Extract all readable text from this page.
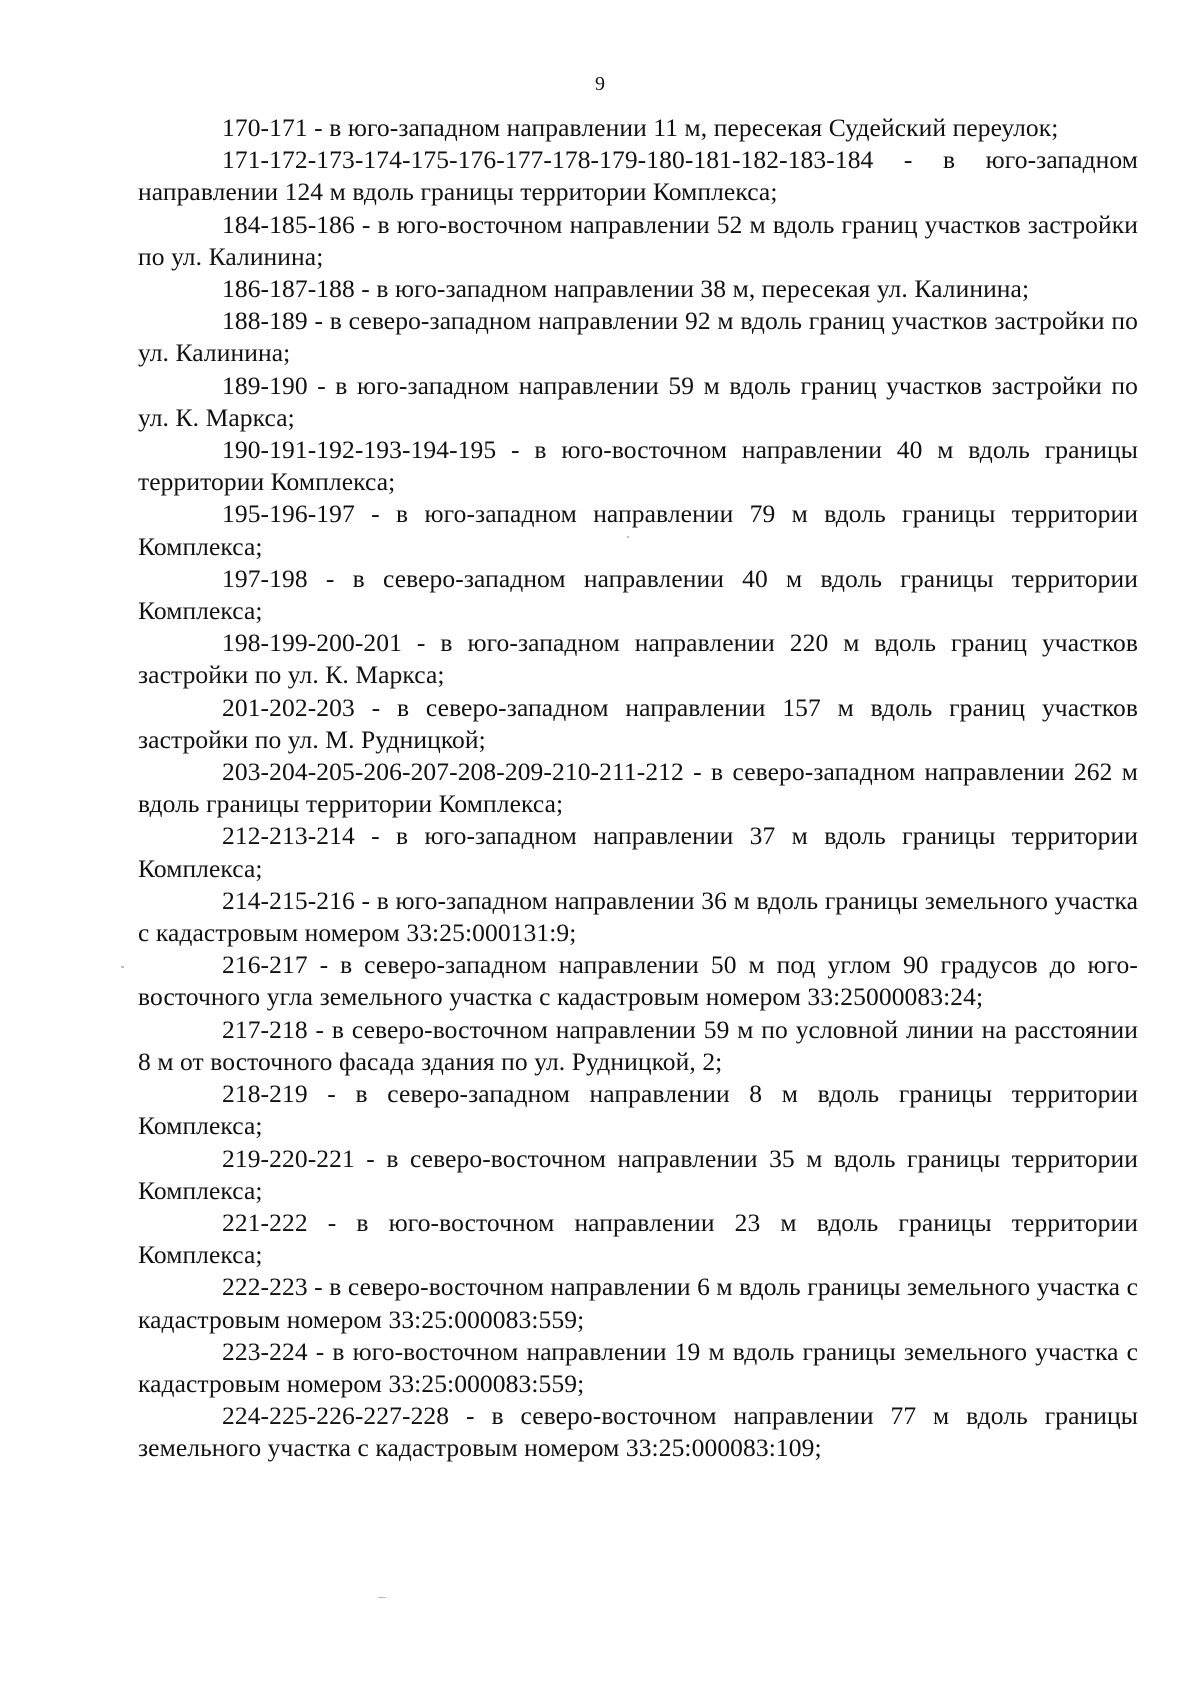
9

170-171 - в юго-западном направлении 11 м, пересекая Судейский переулок;

171-172-173-174-175-176-177-178-179-180-181-182-183-184 - в юго-западном направлении 124 м вдоль границы территории Комплекса;

184-185-186 - в юго-восточном направлении 52 м вдоль границ участков застройки по ул. Калинина;

186-187-188 - в юго-западном направлении 38 м, пересекая ул. Калинина;

188-189 - в северо-западном направлении 92 м вдоль границ участков застройки по ул. Калинина;

189-190 - в юго-западном направлении 59 м вдоль границ участков застройки по ул. К. Маркса;

190-191-192-193-194-195 - в юго-восточном направлении 40 м вдоль границы территории Комплекса;

195-196-197 - в юго-западном направлении 79 м вдоль границы территории Комплекса;

197-198 - в северо-западном направлении 40 м вдоль границы территории Комплекса;

198-199-200-201 - в юго-западном направлении 220 м вдоль границ участков застройки по ул. К. Маркса;

201-202-203 - в северо-западном направлении 157 м вдоль границ участков застройки по ул. М. Рудницкой;

203-204-205-206-207-208-209-210-211-212 - в северо-западном направлении 262 м вдоль границы территории Комплекса;

212-213-214 - в юго-западном направлении 37 м вдоль границы территории Комплекса;

214-215-216 - в юго-западном направлении 36 м вдоль границы земельного участка с кадастровым номером 33:25:000131:9;

216-217 - в северо-западном направлении 50 м под углом 90 градусов до юго-восточного угла земельного участка с кадастровым номером 33:25000083:24;

217-218 - в северо-восточном направлении 59 м по условной линии на расстоянии 8 м от восточного фасада здания по ул. Рудницкой, 2;

218-219 - в северо-западном направлении 8 м вдоль границы территории Комплекса;

219-220-221 - в северо-восточном направлении 35 м вдоль границы территории Комплекса;

221-222 - в юго-восточном направлении 23 м вдоль границы территории Комплекса;

222-223 - в северо-восточном направлении 6 м вдоль границы земельного участка с кадастровым номером 33:25:000083:559;

223-224 - в юго-восточном направлении 19 м вдоль границы земельного участка с кадастровым номером 33:25:000083:559;

224-225-226-227-228 - в северо-восточном направлении 77 м вдоль границы земельного участка с кадастровым номером 33:25:000083:109;
